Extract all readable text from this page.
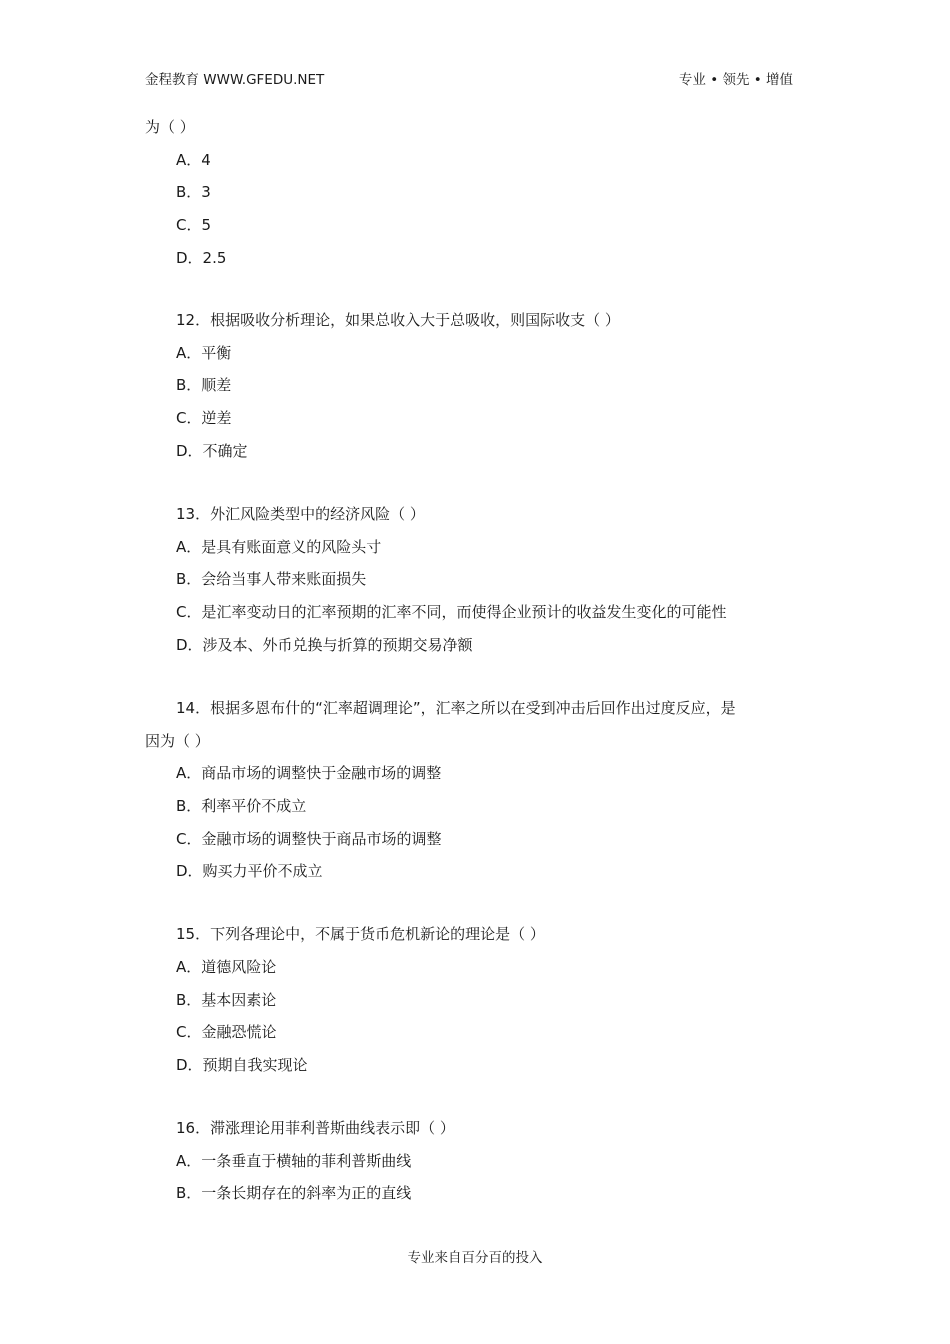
金程教育 WWW.GFEDU.NET	专业 • 领先 • 增值
为（ ）
A．4
B．3
C．5
D．2.5
12．根据吸收分析理论，如果总收入大于总吸收，则国际收支（ ）
A．平衡
B．顺差
C．逆差
D．不确定
13．外汇风险类型中的经济风险（ ）
A．是具有账面意义的风险头寸
B．会给当事人带来账面损失
C．是汇率变动日的汇率预期的汇率不同，而使得企业预计的收益发生变化的可能性
D．涉及本、外币兑换与折算的预期交易净额
14．根据多恩布什的“汇率超调理论”，汇率之所以在受到冲击后回作出过度反应，是
因为（ ）
A．商品市场的调整快于金融市场的调整
B．利率平价不成立
C．金融市场的调整快于商品市场的调整
D．购买力平价不成立
15．下列各理论中，不属于货币危机新论的理论是（ ）
A．道德风险论
B．基本因素论
C．金融恐慌论
D．预期自我实现论
16．滞涨理论用菲利普斯曲线表示即（ ）
A．一条垂直于横轴的菲利普斯曲线
B．一条长期存在的斜率为正的直线
专业来自百分百的投入
